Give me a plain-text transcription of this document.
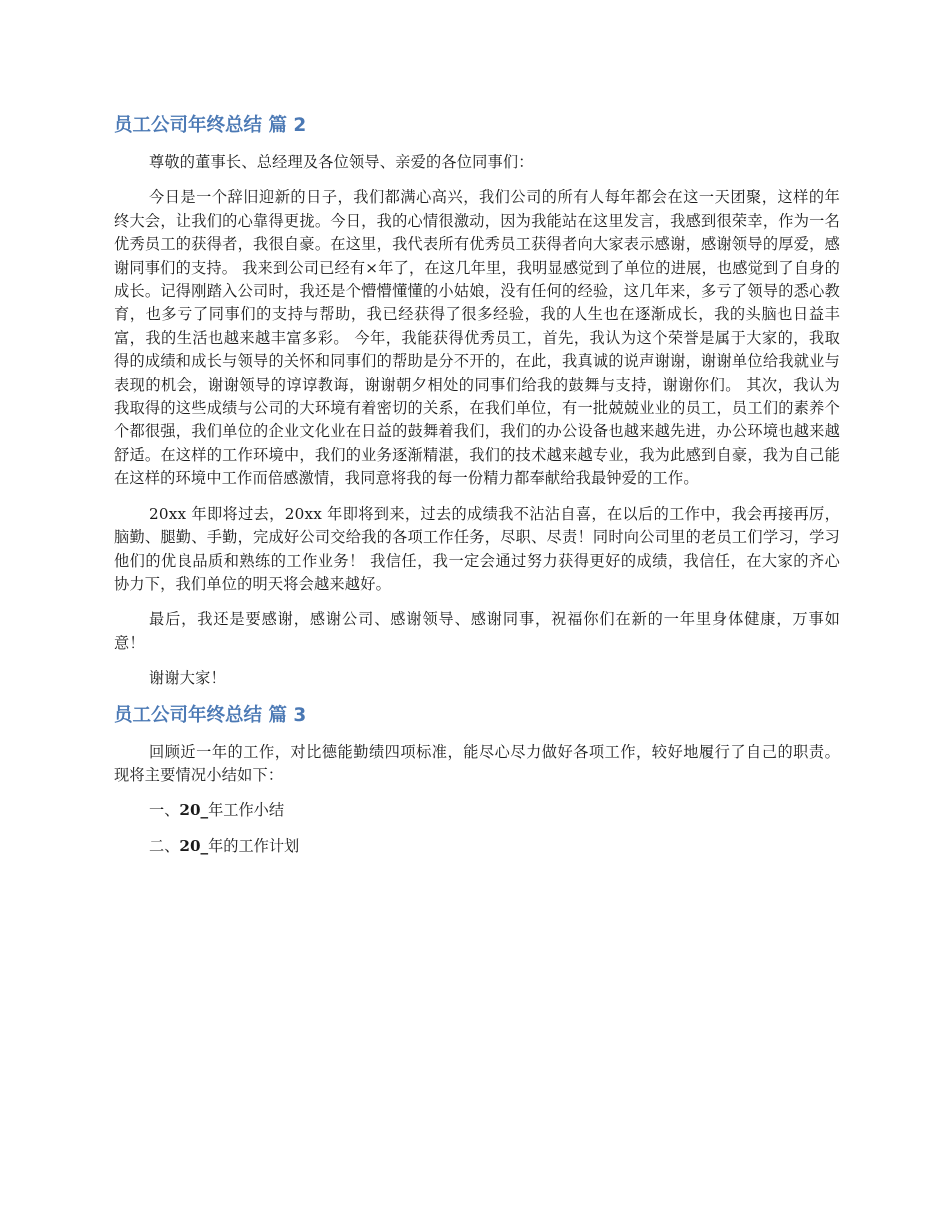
员工公司年终总结 篇 2

尊敬的董事长、总经理及各位领导、亲爱的各位同事们：

今日是一个辞旧迎新的日子，我们都满心高兴，我们公司的所有人每年都会在这一天团聚，这样的年终大会，让我们的心靠得更拢。今日，我的心情很激动，因为我能站在这里发言，我感到很荣幸，作为一名优秀员工的获得者，我很自豪。在这里，我代表所有优秀员工获得者向大家表示感谢，感谢领导的厚爱，感谢同事们的支持。 我来到公司已经有×年了，在这几年里，我明显感觉到了单位的进展，也感觉到了自身的成长。记得刚踏入公司时，我还是个懵懵懂懂的小姑娘，没有任何的经验，这几年来，多亏了领导的悉心教育，也多亏了同事们的支持与帮助，我已经获得了很多经验，我的人生也在逐渐成长，我的头脑也日益丰富，我的生活也越来越丰富多彩。 今年，我能获得优秀员工，首先，我认为这个荣誉是属于大家的，我取得的成绩和成长与领导的关怀和同事们的帮助是分不开的，在此，我真诚的说声谢谢，谢谢单位给我就业与表现的机会，谢谢领导的谆谆教诲，谢谢朝夕相处的同事们给我的鼓舞与支持，谢谢你们。 其次，我认为我取得的这些成绩与公司的大环境有着密切的关系，在我们单位，有一批兢兢业业的员工，员工们的素养个个都很强，我们单位的企业文化业在日益的鼓舞着我们，我们的办公设备也越来越先进，办公环境也越来越舒适。在这样的工作环境中，我们的业务逐渐精湛，我们的技术越来越专业，我为此感到自豪，我为自己能在这样的环境中工作而倍感激情，我同意将我的每一份精力都奉献给我最钟爱的工作。

20xx 年即将过去，20xx 年即将到来，过去的成绩我不沾沾自喜，在以后的工作中，我会再接再厉，脑勤、腿勤、手勤，完成好公司交给我的各项工作任务，尽职、尽责！同时向公司里的老员工们学习，学习他们的优良品质和熟练的工作业务！ 我信任，我一定会通过努力获得更好的成绩，我信任，在大家的齐心协力下，我们单位的明天将会越来越好。

最后，我还是要感谢，感谢公司、感谢领导、感谢同事，祝福你们在新的一年里身体健康，万事如意！

谢谢大家！

员工公司年终总结 篇 3

回顾近一年的工作，对比德能勤绩四项标准，能尽心尽力做好各项工作，较好地履行了自己的职责。现将主要情况小结如下：

一、20_年工作小结

二、20_年的工作计划
